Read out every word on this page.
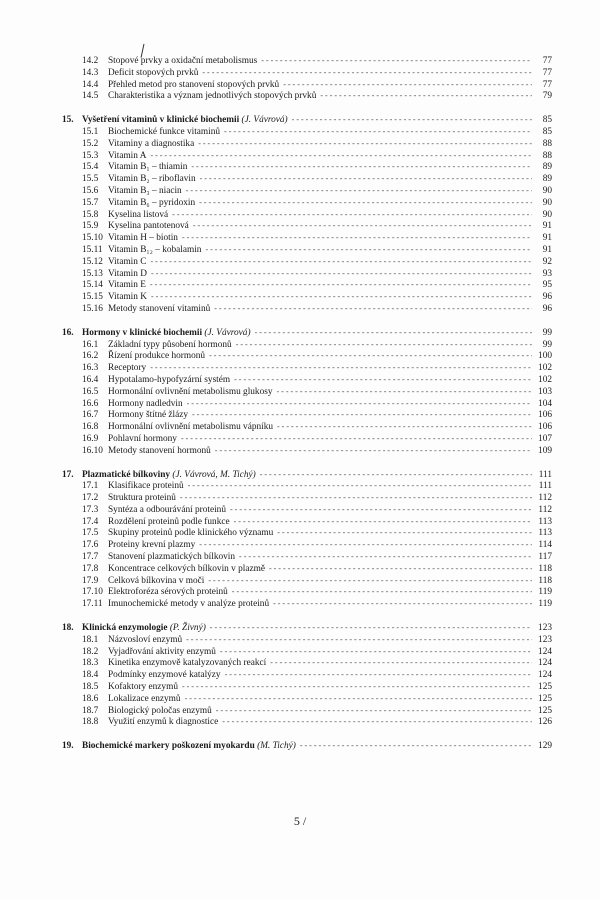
14.2	Stopové prvky a oxidační metabolismus - - -	77
14.3	Deficit stopových prvků - - -	77
14.4	Přehled metod pro stanovení stopových prvků - - -	77
14.5	Charakteristika a význam jednotlivých stopových prvků - - -	79
15. Vyšetření vitaminů v klinické biochemii (J. Vávrová) - - -	85
15.1	Biochemické funkce vitaminů - - -	85
15.2	Vitaminy a diagnostika - - -	88
15.3	Vitamin A - - -	88
15.4	Vitamin B₁ – thiamin - - -	89
15.5	Vitamin B₂ – riboflavin - - -	89
15.6	Vitamin B₃ – niacin - - -	90
15.7	Vitamin B₆ – pyridoxin - - -	90
15.8	Kyselina listová - - -	90
15.9	Kyselina pantotenová - - -	91
15.10 Vitamin H – biotin - - -	91
15.11 Vitamin B₁₂ – kobalamin - - -	91
15.12 Vitamin C - - -	92
15.13 Vitamin D - - -	93
15.14 Vitamin E - - -	95
15.15 Vitamin K - - -	96
15.16 Metody stanovení vitaminů - - -	96
16. Hormony v klinické biochemii (J. Vávrová) - - -	99
16.1	Základní typy působení hormonů - - -	99
16.2	Řízení produkce hormonů - - -	100
16.3	Receptory - - -	102
16.4	Hypotalamo-hypofyzární systém - - -	102
16.5	Hormonální ovlivnění metabolismu glukosy - - -	103
16.6	Hormony nadledvin - - -	104
16.7	Hormony štítné žlázy - - -	106
16.8	Hormonální ovlivnění metabolismu vápníku - - -	106
16.9	Pohlavní hormony - - -	107
16.10 Metody stanovení hormonů - - -	109
17. Plazmatické bílkoviny (J. Vávrová, M. Tichý) - - -	111
17.1	Klasifikace proteinů - - -	111
17.2	Struktura proteinů - - -	112
17.3	Syntéza a odbourávání proteinů - - -	112
17.4	Rozdělení proteinů podle funkce - - -	113
17.5	Skupiny proteinů podle klinického významu - - -	113
17.6	Proteiny krevní plazmy - - -	114
17.7	Stanovení plazmatických bílkovin - - -	117
17.8	Koncentrace celkových bílkovin v plazmě - - -	118
17.9	Celková bílkovina v moči - - -	118
17.10 Elektroforéza sérových proteinů - - -	119
17.11 Imunochemické metody v analýze proteinů - - -	119
18. Klinická enzymologie (P. Živný) - - -	123
18.1	Názvosloví enzymů - - -	123
18.2	Vyjadřování aktivity enzymů - - -	124
18.3	Kinetika enzymově katalyzovaných reakcí - - -	124
18.4	Podmínky enzymové katalýzy - - -	124
18.5	Kofaktory enzymů - - -	125
18.6	Lokalizace enzymů - - -	125
18.7	Biologický poločas enzymů - - -	125
18.8	Využití enzymů k diagnostice - - -	126
19. Biochemické markery poškození myokardu (M. Tichý) - - -	129
5 /
